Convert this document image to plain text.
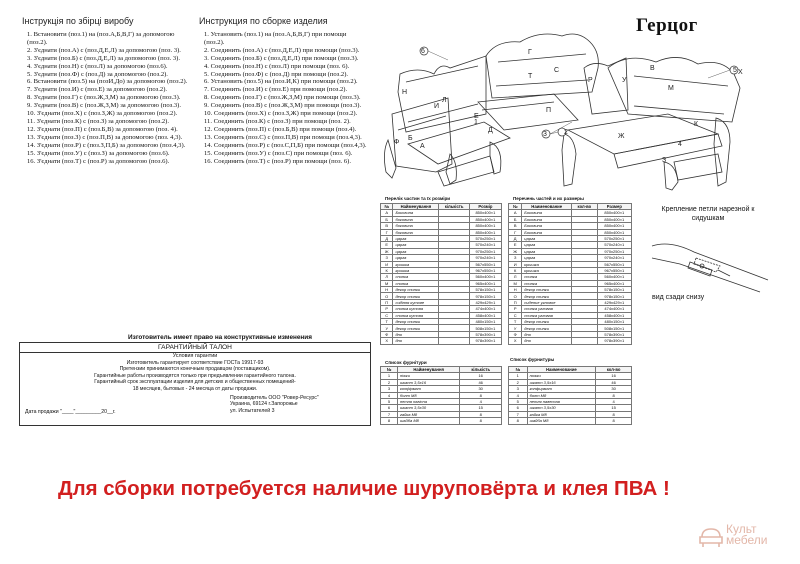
Інструкція по збірці виробу
1. Встановити (поз.1) на (поз.А,Б,В,Г) за допомогою (поз.2).
2. З'єднати (поз.А) с (поз.Д,Е,Л) за допомогою (поз. 3).
3. З'єднати (поз.Б) с (поз.Д,Е,Л) за допомогою (поз. 3).
4. З'єднати (поз.Н) с (поз.Л) за допомогою (поз.6).
5. З'єднати (поз.Ф) с (поз.Д) за допомогою (поз.2).
6. Встановити (поз.5) на (позИ,До) за допомогою (поз.2).
7. З'єднати (поз.И) с (поз.Е) за допомогою (поз.2).
8. З'єднати (поз.Г) с (поз.Ж,З,М) за допомогою (поз.3).
9. З'єднати (поз.В) с (поз.Ж,З,М) за допомогою (поз.3).
10. З'єднати (поз.Х) с (поз.З,Ж) за допомогою (поз.2).
11. З'єднати (поз.К) с (поз.З) за допомогою (поз.2).
12. З'єднати (поз.П) с (поз.Б,В) за допомогою (поз. 4).
13. З'єднати (поз.З) с (поз.П,В) за допомогою (поз. 4,3).
14. З'єднати (поз.Р) с (поз.З,П,Б) за допомогою (поз.4,3).
15. З'єднати (поз.У) с (поз.З) за допомогою (поз.6).
16. З'єднати (поз.Т) с (поз.Р) за допомогою (поз.6).
Инструкция по сборке изделия
1. Установить (поз.1) на (поз.А,Б,В,Г) при помощи (поз.2).
2. Соединить (поз.А) с (поз.Д,Е,Л) при помощи (поз.3).
3. Соединить (поз.Б) с (поз.Д,Е,Л) при помощи (поз.3).
4. Соединить (поз.Н) с (поз.Л) при помощи (поз. 6).
5. Соединить (поз.Ф) с (поз.Д) при помощи (поз.2).
6. Установить (поз.5) на (поз.И,К) при помощи (поз.2).
7. Соединить (поз.И) с (поз.Е) при помощи (поз.2).
8. Соединить (поз.Г) с (поз.Ж,З,М) при помощи (поз.3).
9. Соединить (поз.В) с (поз.Ж,З,М) при помощи (поз.3).
10. Соединить (поз.Х) с (поз.З,Ж) при помощи (поз.2).
11. Соединить (поз.К) с (поз.З) при помощи (поз. 2).
12. Соединить (поз.П) с (поз.Б,В) при помощи (поз.4).
13. Соединить (поз.С) с (поз.П,В) при помощи (поз.4,3).
14. Соединить (поз.Р) с (поз.С,П,Б) при помощи (поз.4,3).
15. Соединить (поз.У) с (поз.С) при помощи (поз. 6).
16. Соединить (поз.Т) с (поз.Р) при помощи (поз. 6).
Герцог
6	Г
В
Х
5
И
Е
Л
Н
Д
Ф
А
П
1
Б
С
Р
Т
У
М
Ж
К
2
З
4
3
Перелік частин та їх розміри
№	Найменування	кількість	Розмір
А	Боковина		850х400×1
Б	боковина		850х400×1
В	боковина		850х400×1
Г	боковина		850х400×1
Д	царга		570х250×1
Е	царга		570х240×1
Ж	царга		970х250×1
З	царга		970х240×1
И	кришка		567х550×1
К	кришка		967х550×1
Л	спинка		560х400×1
М	спинка		965х400×1
Н	декор спинки		578х150×1
О	декор спинки		978х150×1
П	сидіння кутове		429х429×1
Р	спинка кутова		474х400×1
С	спинка кутова		458х400×1
Т	декор спинки		480х150×1
У	декор спинки		508х150×1
Ф	дно		578х390×1
Х	дно		978х390×1
Перечень частей и их размеры
№	Наименование	кол-во	Размер
А	Боковина		850х400×1
Б	Боковина		850х400×1
В	Боковина		850х400×1
Г	Боковина		850х400×1
Д	царга		570х250×1
Е	царга		570х240×1
Ж	царга		970х250×1
З	царга		970х240×1
И	крышка		567х550×1
К	крышка		967х550×1
Л	спинка		560х400×1
М	спинка		965х400×1
Н	декор спинки		578х150×1
О	декор спинки		978х150×1
П	сиденье угловое		429х429×1
Р	спинка угловая		474х400×1
С	спинка угловая		458х400×1
Т	декор спинки		480х150×1
У	декор спинки		508х150×1
Ф	дно		578х390×1
Х	дно		978х390×1
Крепление петли нарезной к сидушкам
вид сзади снизу
Список фурнітури
№	Найменування	кількість
1	ніжки	16
2	шкант 3,5х16	46
3	конфірмат	30
4	болт М8	8
5	петля навісна	4
6	шкант 3,5х30	15
7	гайка М8	8
8	шайба М8	8
Список фурнитуры
№	Наименование	кол-во
1	ножки	16
2	шкант 3,5х16	46
3	конфирмат	30
4	болт М8	8
5	петля навесная	4
6	шкант 3,5х30	15
7	гайка М8	8
8	шайба М8	8
Изготовитель имеет право на конструктивные изменения
ГАРАНТИЙНЫЙ ТАЛОН
Условия гарантии
Изготовитель гарантирует соответствие ГОСТа 19917-93
Претензии принимаются конечным продавцом (поставщиком).
Гарантийные работы производятся только при предъявлении гарантийного талона.
Гарантийный срок эксплуатации изделия для детских и общественных помещений-
18 месяцев, бытовых - 24 месяца от даты продажи.
Производитель ООО "Ровер-Ресурс"
Украина, 69124 г.Запорожье
ул. Испытателей 3
Дата продажи "____"_________20__г.
Для сборки потребуется наличие шуруповёрта и клея ПВА !
Культ
мебели
